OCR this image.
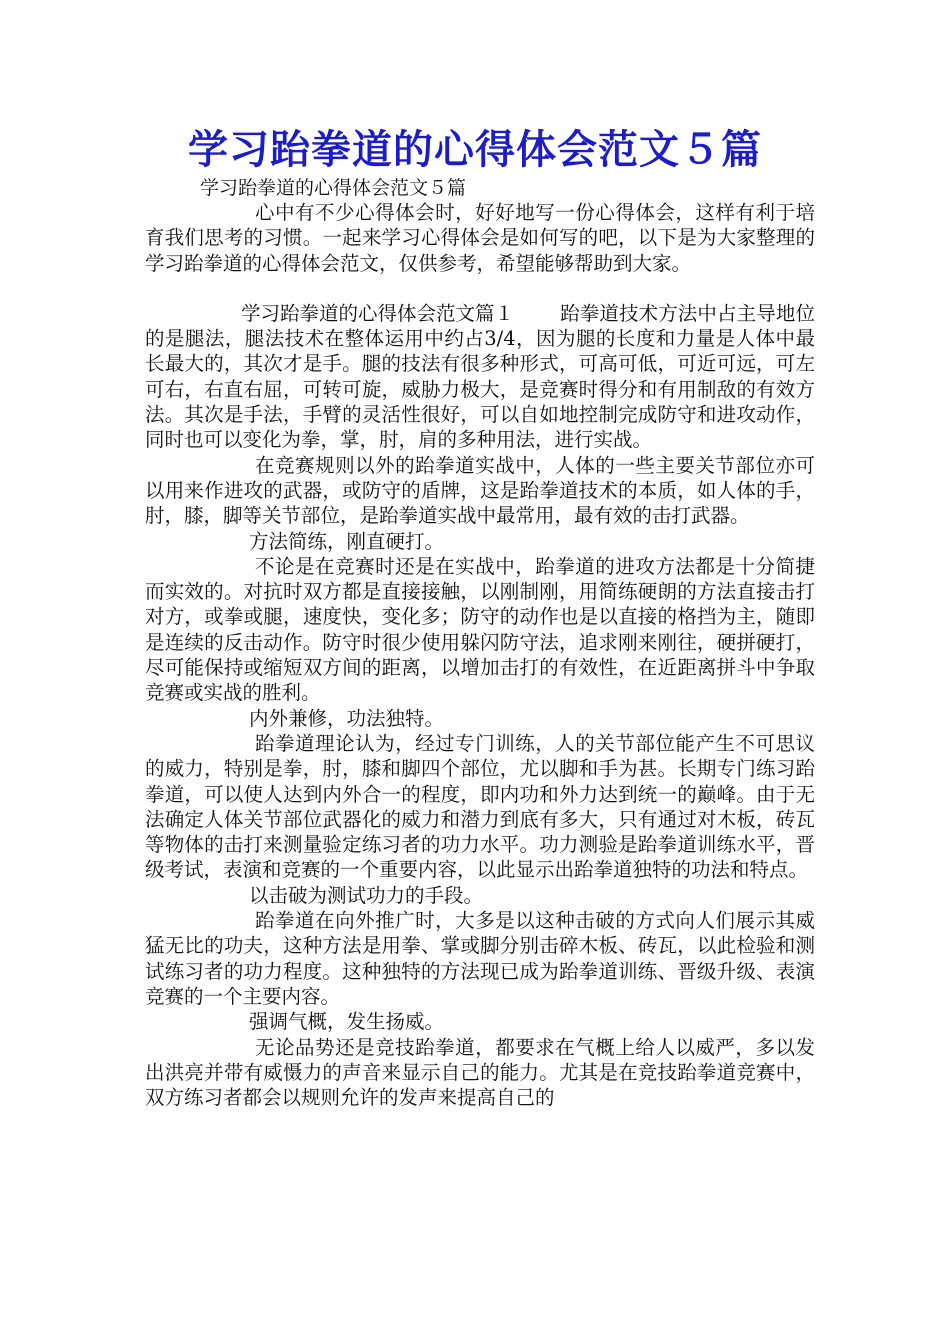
学习跆拳道的心得体会范文５篇
学习跆拳道的心得体会范文５篇

心中有不少心得体会时，好好地写一份心得体会，这样有利于培育我们思考的习惯。一起来学习心得体会是如何写的吧，以下是为大家整理的学习跆拳道的心得体会范文，仅供参考，希望能够帮助到大家。

学习跆拳道的心得体会范文篇１ 跆拳道技术方法中占主导地位的是腿法，腿法技术在整体运用中约占3/4，因为腿的长度和力量是人体中最长最大的，其次才是手。腿的技法有很多种形式，可高可低，可近可远，可左可右，右直右屈，可转可旋，威胁力极大，是竞赛时得分和有用制敌的有效方法。其次是手法，手臂的灵活性很好，可以自如地控制完成防守和进攻动作，同时也可以变化为拳，掌，肘，肩的多种用法，进行实战。

在竞赛规则以外的跆拳道实战中，人体的一些主要关节部位亦可以用来作进攻的武器，或防守的盾牌，这是跆拳道技术的本质，如人体的手，肘，膝，脚等关节部位，是跆拳道实战中最常用，最有效的击打武器。

方法简练，刚直硬打。

不论是在竞赛时还是在实战中，跆拳道的进攻方法都是十分简捷而实效的。对抗时双方都是直接接触，以刚制刚，用简练硬朗的方法直接击打对方，或拳或腿，速度快，变化多；防守的动作也是以直接的格挡为主，随即是连续的反击动作。防守时很少使用躲闪防守法，追求刚来刚往，硬拼硬打，尽可能保持或缩短双方间的距离，以增加击打的有效性，在近距离拼斗中争取竞赛或实战的胜利。

内外兼修，功法独特。

跆拳道理论认为，经过专门训练，人的关节部位能产生不可思议的威力，特别是拳，肘，膝和脚四个部位，尤以脚和手为甚。长期专门练习跆拳道，可以使人达到内外合一的程度，即内功和外力达到统一的巅峰。由于无法确定人体关节部位武器化的威力和潜力到底有多大，只有通过对木板，砖瓦等物体的击打来测量验定练习者的功力水平。功力测验是跆拳道训练水平，晋级考试，表演和竞赛的一个重要内容，以此显示出跆拳道独特的功法和特点。

以击破为测试功力的手段。

跆拳道在向外推广时，大多是以这种击破的方式向人们展示其威猛无比的功夫，这种方法是用拳、掌或脚分别击碎木板、砖瓦，以此检验和测试练习者的功力程度。这种独特的方法现已成为跆拳道训练、晋级升级、表演竞赛的一个主要内容。

强调气概，发生扬威。

无论品势还是竞技跆拳道，都要求在气概上给人以威严，多以发出洪亮并带有威慑力的声音来显示自己的能力。尤其是在竞技跆拳道竞赛中，双方练习者都会以规则允许的发声来提高自己的
